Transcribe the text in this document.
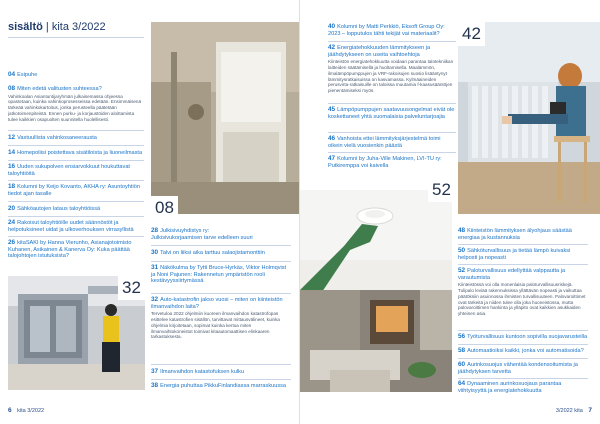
sisältö | kita 3/2022
04 Esipuhe
08 Miten edetä valitusten suhteessa?
Vahinkoalan Asiantuntijaryhmän julkaisemassa ohjeessa opastetaan, kuinka vahinkoprosesseissa edetään. Ensimmäisenä tärkeää vahinkokartoitus, jonka perusteella päätetään jatkotoimenpiteistä. Ennen purku- ja korjaustöiden aloittamista tulee kaikkien osapuolten suunnitella huolellisesti.
12 Vastuullista vahinkosaneerausta
14 Homepoliisi poistettava sisätiloista ja liuoneilmasta
16 Uuden sukupolven ensiarvokkuut houkuttavat taloyhtiöitä
18 Kolumni by Keijo Kovanto, AKHA ry: Asuntoyhtiön tiedot ajan tasalle
20 Sähköautojen lataus taloyhtiöissä
24 Rakoisut taloyhtiöille uudet säännöstöt ja helpotuksineet uidat ja ulkoverhouksen virrasyllistä
26 kitaSAKI by Hanna Vierunho, Asianajotoimisto Kuhanen, Asikainen & Kanerva Oy: Kuka päättää talojohtojen istutuksista?
08
28 Julkisivuyhdistys ry:
Julkisivukorjaamisen tarve edelleen suuri
30 Talvi on liiksi aika tarttuu salaojistamonttiin
31 Näkökulma by Tytti Bruce-Hyrkäs, Viktor Holmqvist ja Noni Pajunen: Rakennetun ympäristön rooli kestävyyssiirtymässä
32 Auto-katastrofin jakso vuosi – miten on kiinteistön ilmanvaihdon laita?
Tervetuloa 2022 ohjelmiin kuoreen ilmanvaihdon katastrofopas esittelee katastrofien sisällön, tarvittavat mittausvälineet, kuinka ohjelmia kirjoitetaan, sopimat kuinka kertoa miten ilmanvaihtokoneistot toimivat kitaautomaattisen elinkaaren tarkastuksesta.
37 Ilmanvaihdon katastofuksen kulku
38 Energia puhuttaa PikkuFinlandiassa marraskuussa
32
6 kita 3/2022
40 Kolumni by Matti Perkkiö, Eksoft Group Oy: 2023 – lopputulos tähti tekijät vai materiaalit?
42 Energiatehokkuuden lämmitykseen ja jäähdytykseen on useita vaihtoehtoja
Kiinteistön energiatehokkuutta voidaan parantaa talotekniikan laitteiden säätämisellä ja huoltamisella. Maalämmön, ilmalämpöpumppujen ja VRF-rakoisujen suosio lisääntynyt lämmitysratkaisuissa on kasvamassa. Kylmäaineiden perusvirta-ratkaisuille on taloissa muutamia f-kaasusääntöjen pienentämiseksi myös.
45 Lämpöpumppujen saatavuusongelmat eivät ole koskettaneet yhtä suomalaisia palveluntarjoajia
46 Vanhoista ettei lämmityksjärjestelmä toimi oikein vielä vuosienkin päästä
47 Kolumni by Juha-Ville Makinen, LVI-TU ry: Putkiremppa voi kaivella
42
52
48 Kiinteistön lämmityksen älyohjaus säästää energiaa ja kustannuksia
50 Sähköturvallisuus ja tietää lämpö kuivaksi helposti ja nopeasti
52 Paloturvallisuus edellyttää valppautta ja varautumista
Kiinteistössä voi olla monenlaisia paloturvallisuusriskejä. Tulipalo leviää rakennuksissa yllättävän nopeasti ja vaikuttaa päätöksiin asuinnossa ihmisten turvallisuuteen. Palovaroittimet ovat tärkeitä ja niiden tulee olla joka huoneistossa, mutta palovaroittimen hankinta ja ylläpito ovat kaikkien asukkaiden yhteinen asia.
56 Työturvallisuus kuntoon sopivilla suojavarusteilla
58 Automaatioiksi kaikki, jonka voi automatisoida?
60 Aurinkosuojus vähentää kondensoitumista ja jäähdytyksen tarvetta
64 Dynaaminen aurinkosuojaus parantaa viihtyisyyttä ja energiatehokkuutta
3/2022 kita 7
